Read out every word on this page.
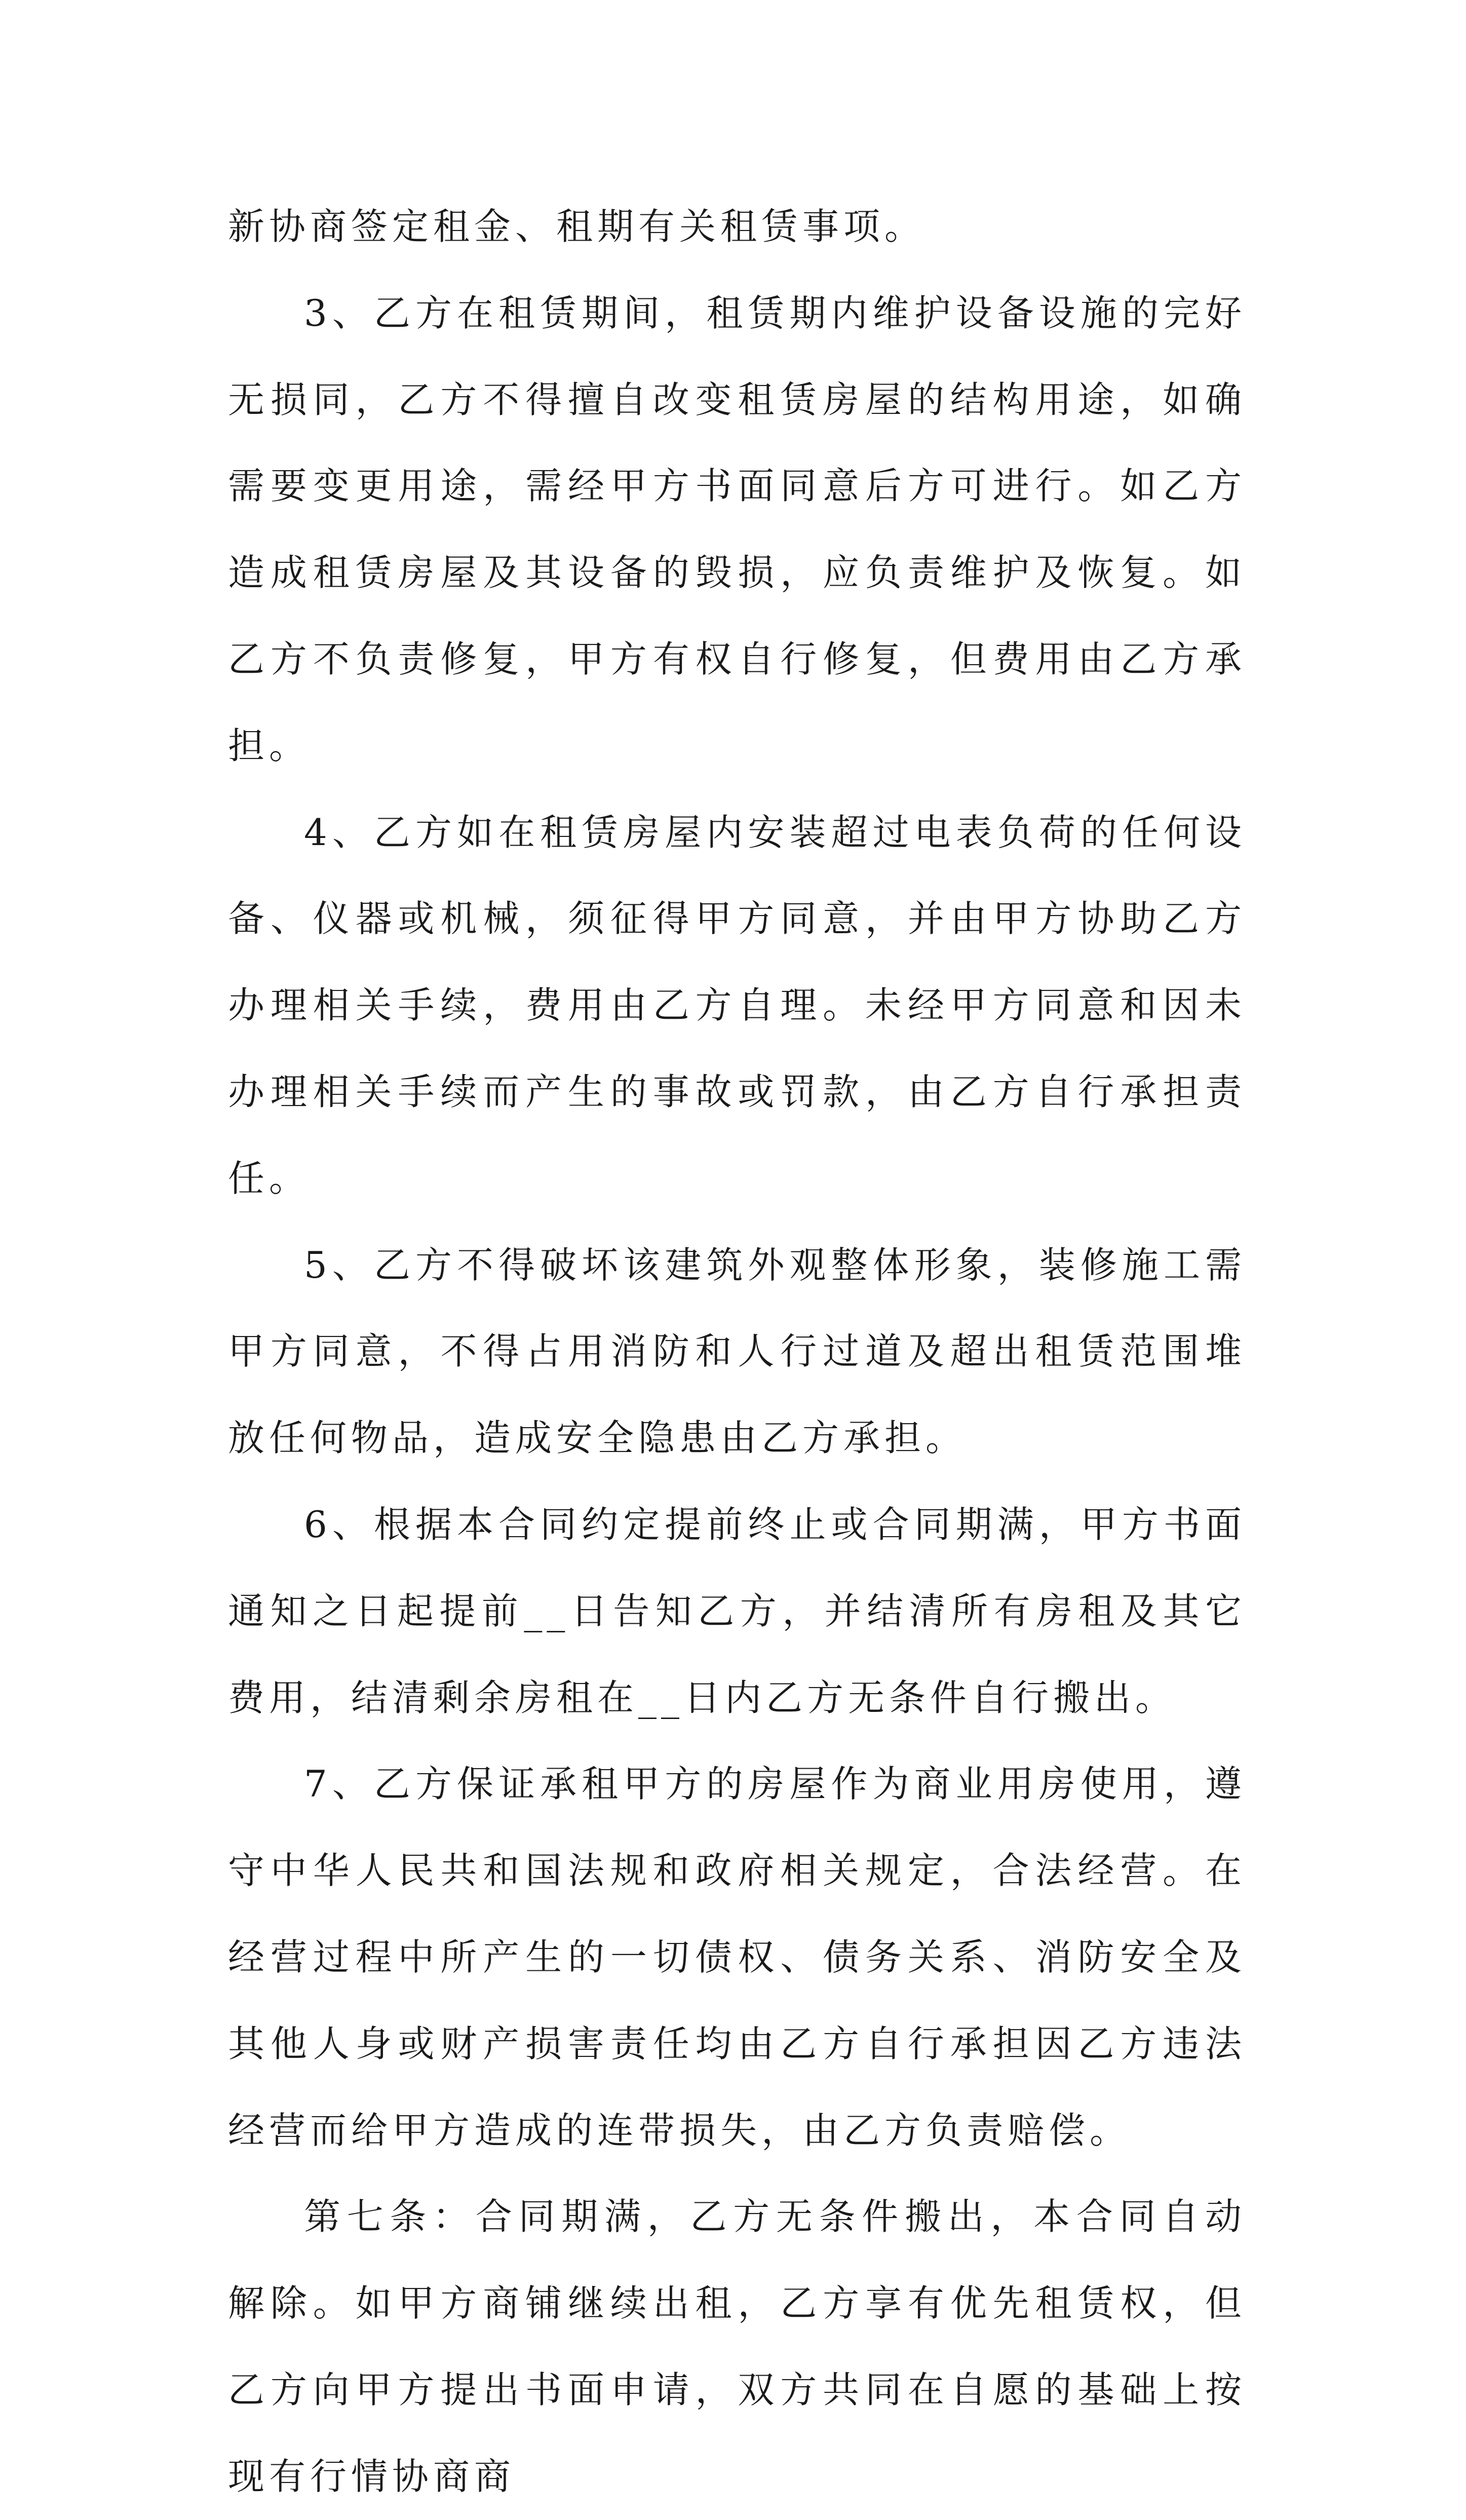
新协商签定租金、租期有关租赁事项。

3、乙方在租赁期间，租赁期内维护设备设施的完好无损同，乙方不得擅自改变租赁房屋的结构用途，如确需要变更用途，需经甲方书面同意后方可进行。如乙方造成租赁房屋及其设备的毁损，应负责维护及恢复。如乙方不负责修复，甲方有权自行修复，但费用由乙方承担。

4、乙方如在租赁房屋内安装超过电表负荷的任何设备、仪器或机械，须征得甲方同意，并由甲方协助乙方办理相关手续，费用由乙方自理。未经甲方同意和因未办理相关手续而产生的事故或罚款，由乙方自行承担责任。

5、乙方不得破坏该建筑外观整体形象，装修施工需甲方同意，不得占用消防和人行过道及超出租赁范围堆放任何物品，造成安全隐患由乙方承担。

6、根据本合同约定提前终止或合同期满，甲方书面通知之日起提前__日告知乙方，并结清所有房租及其它费用，结清剩余房租在__日内乙方无条件自行搬出。

7、乙方保证承租甲方的房屋作为商业用房使用，遵守中华人民共和国法规和政府相关规定，合法经营。在经营过程中所产生的一切债权、债务关系、消防安全及其他人身或财产损害责任均由乙方自行承担因乙方违法经营而给甲方造成的连带损失，由乙方负责赔偿。

第七条：合同期满，乙方无条件搬出，本合同自动解除。如甲方商铺继续出租，乙方享有优先租赁权，但乙方向甲方提出书面申请，双方共同在自愿的基础上按现有行情协商商
